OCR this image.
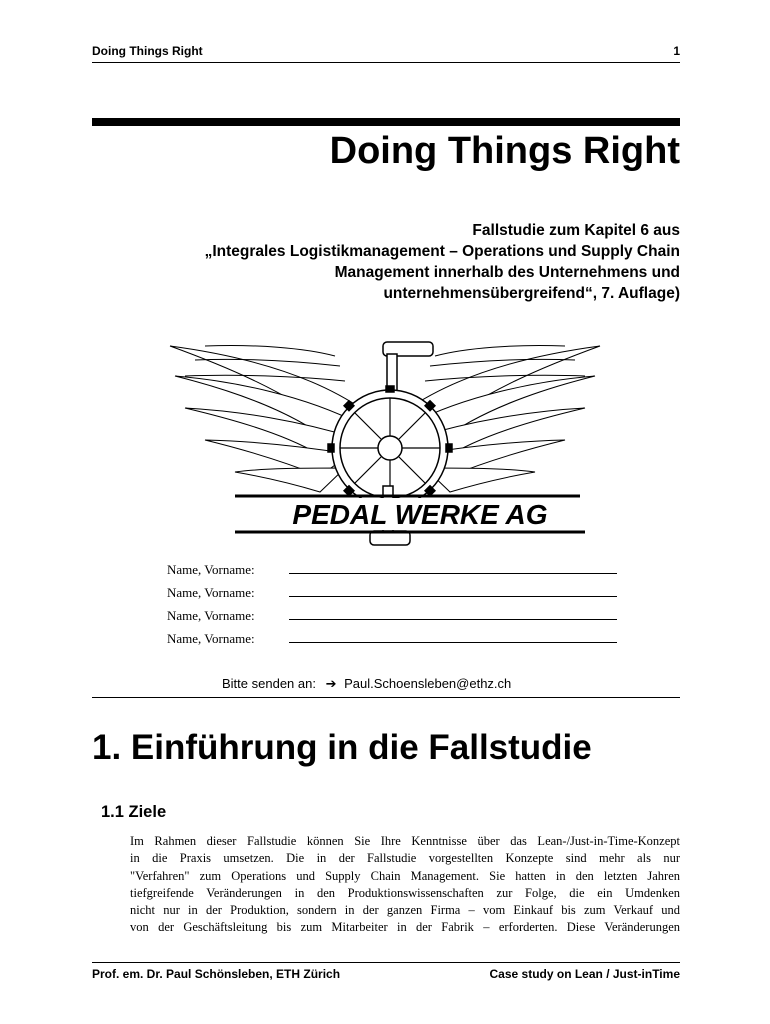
Doing Things Right	1
Doing Things Right
Fallstudie zum Kapitel 6 aus
„Integrales Logistikmanagement – Operations und Supply Chain
Management innerhalb des Unternehmens und
unternehmensübergreifend“, 7. Auflage)
PEDAL WERKE AG
Name, Vorname:
Name, Vorname:
Name, Vorname:
Name, Vorname:
Bitte senden an: ➔ Paul.Schoensleben@ethz.ch
1. Einführung in die Fallstudie
1.1 Ziele
Im Rahmen dieser Fallstudie können Sie Ihre Kenntnisse über das Lean-/Just-in-Time-Konzept
in die Praxis umsetzen. Die in der Fallstudie vorgestellten Konzepte sind mehr als nur
"Verfahren" zum Operations und Supply Chain Management. Sie hatten in den letzten Jahren
tiefgreifende Veränderungen in den Produktionswissenschaften zur Folge, die ein Umdenken
nicht nur in der Produktion, sondern in der ganzen Firma – vom Einkauf bis zum Verkauf und
von der Geschäftsleitung bis zum Mitarbeiter in der Fabrik – erforderten. Diese Veränderungen
Prof. em. Dr. Paul Schönsleben, ETH Zürich	Case study on Lean / Just-inTime
